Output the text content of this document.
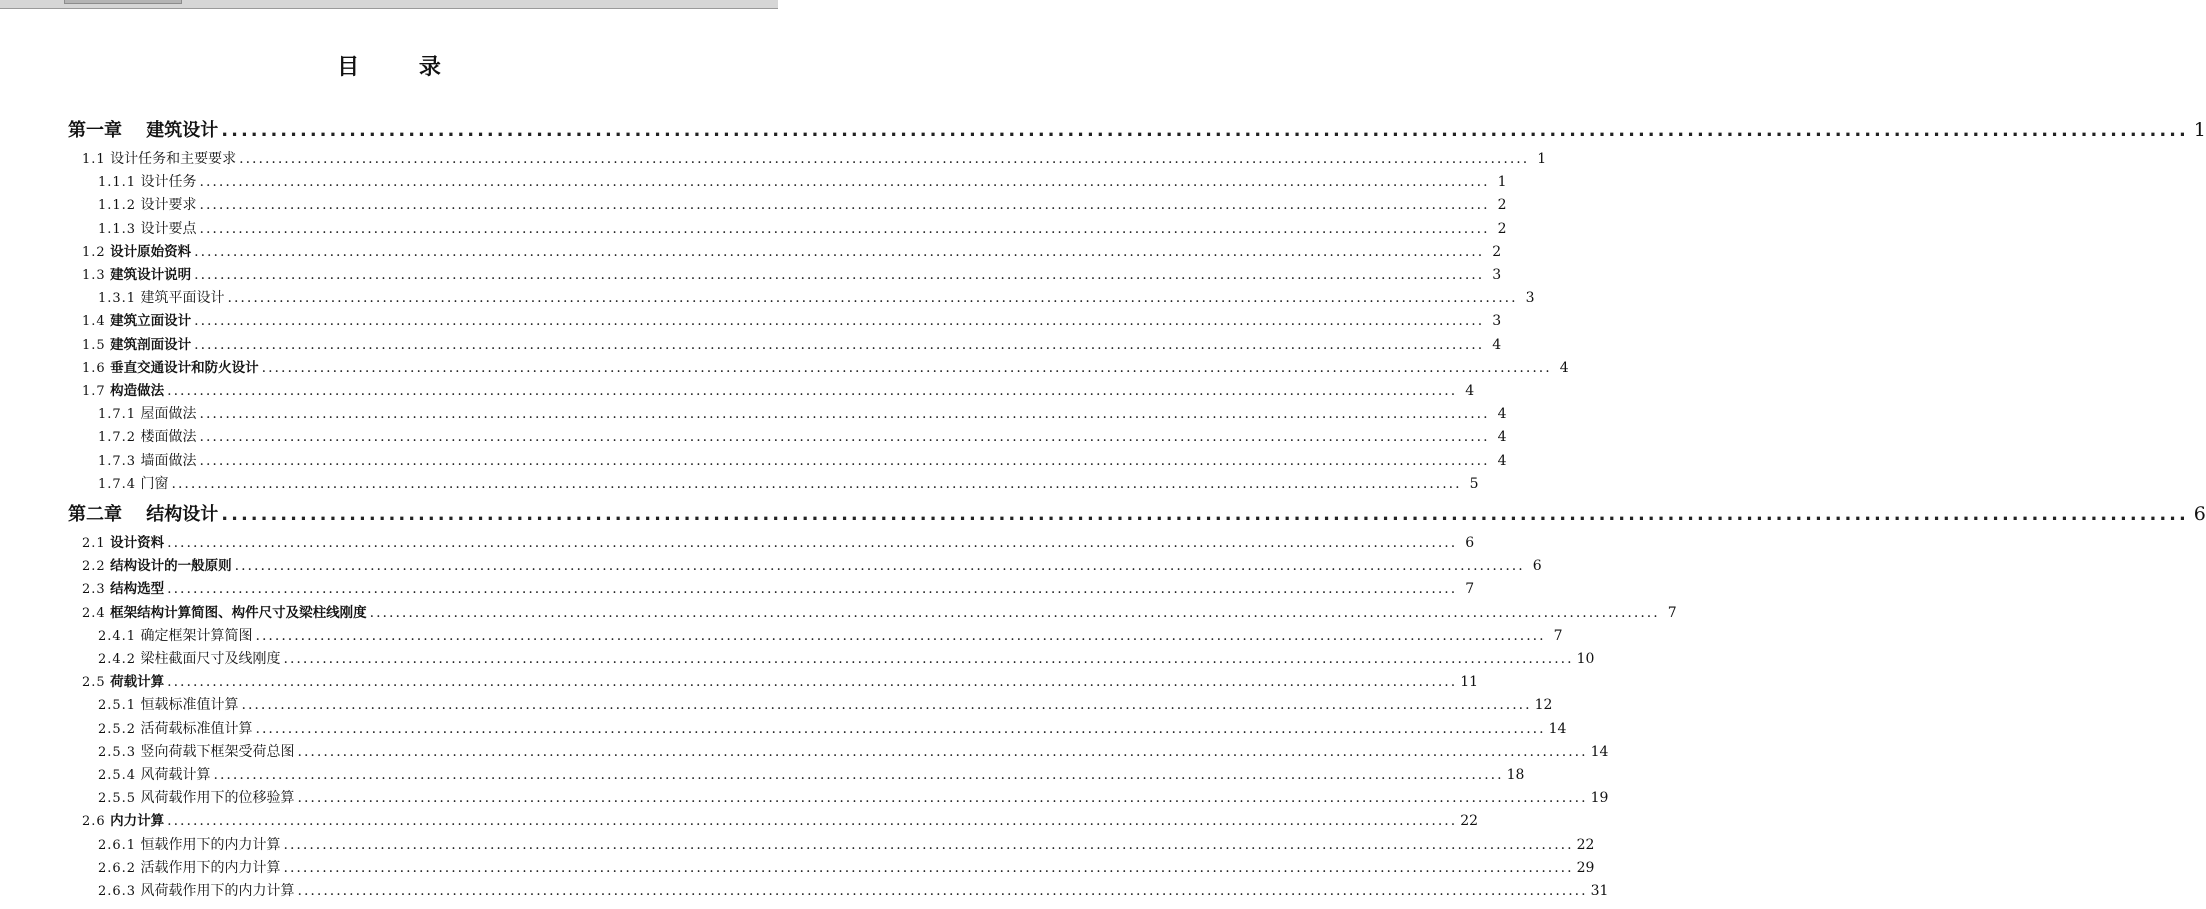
目 录
第一章  建筑设计 ........................................................................................................................................................................................................ 1
1.1 设计任务和主要要求 ........................................................................................................................................................................................................ 1
1.1.1 设计任务 ........................................................................................................................................................................................................ 1
1.1.2 设计要求 ........................................................................................................................................................................................................ 2
1.1.3 设计要点 ........................................................................................................................................................................................................ 2
1.2 设计原始资料 ........................................................................................................................................................................................................ 2
1.3 建筑设计说明 ........................................................................................................................................................................................................ 3
1.3.1 建筑平面设计 ........................................................................................................................................................................................................ 3
1.4 建筑立面设计 ........................................................................................................................................................................................................ 3
1.5 建筑剖面设计 ........................................................................................................................................................................................................ 4
1.6 垂直交通设计和防火设计 ........................................................................................................................................................................................................ 4
1.7 构造做法 ........................................................................................................................................................................................................ 4
1.7.1 屋面做法 ........................................................................................................................................................................................................ 4
1.7.2 楼面做法 ........................................................................................................................................................................................................ 4
1.7.3 墙面做法 ........................................................................................................................................................................................................ 4
1.7.4 门窗 ........................................................................................................................................................................................................ 5
第二章  结构设计 ........................................................................................................................................................................................................ 6
2.1 设计资料 ........................................................................................................................................................................................................ 6
2.2 结构设计的一般原则 ........................................................................................................................................................................................................ 6
2.3 结构选型 ........................................................................................................................................................................................................ 7
2.4 框架结构计算简图、构件尺寸及梁柱线刚度 ........................................................................................................................................................................................................ 7
2.4.1 确定框架计算简图 ........................................................................................................................................................................................................ 7
2.4.2 梁柱截面尺寸及线刚度 ........................................................................................................................................................................................................ 10
2.5 荷载计算 ........................................................................................................................................................................................................ 11
2.5.1 恒载标准值计算 ........................................................................................................................................................................................................ 12
2.5.2 活荷载标准值计算 ........................................................................................................................................................................................................ 14
2.5.3 竖向荷载下框架受荷总图 ........................................................................................................................................................................................................ 14
2.5.4 风荷载计算 ........................................................................................................................................................................................................ 18
2.5.5 风荷载作用下的位移验算 ........................................................................................................................................................................................................ 19
2.6 内力计算 ........................................................................................................................................................................................................ 22
2.6.1 恒载作用下的内力计算 ........................................................................................................................................................................................................ 22
2.6.2 活载作用下的内力计算 ........................................................................................................................................................................................................ 29
2.6.3 风荷载作用下的内力计算 ........................................................................................................................................................................................................ 31
